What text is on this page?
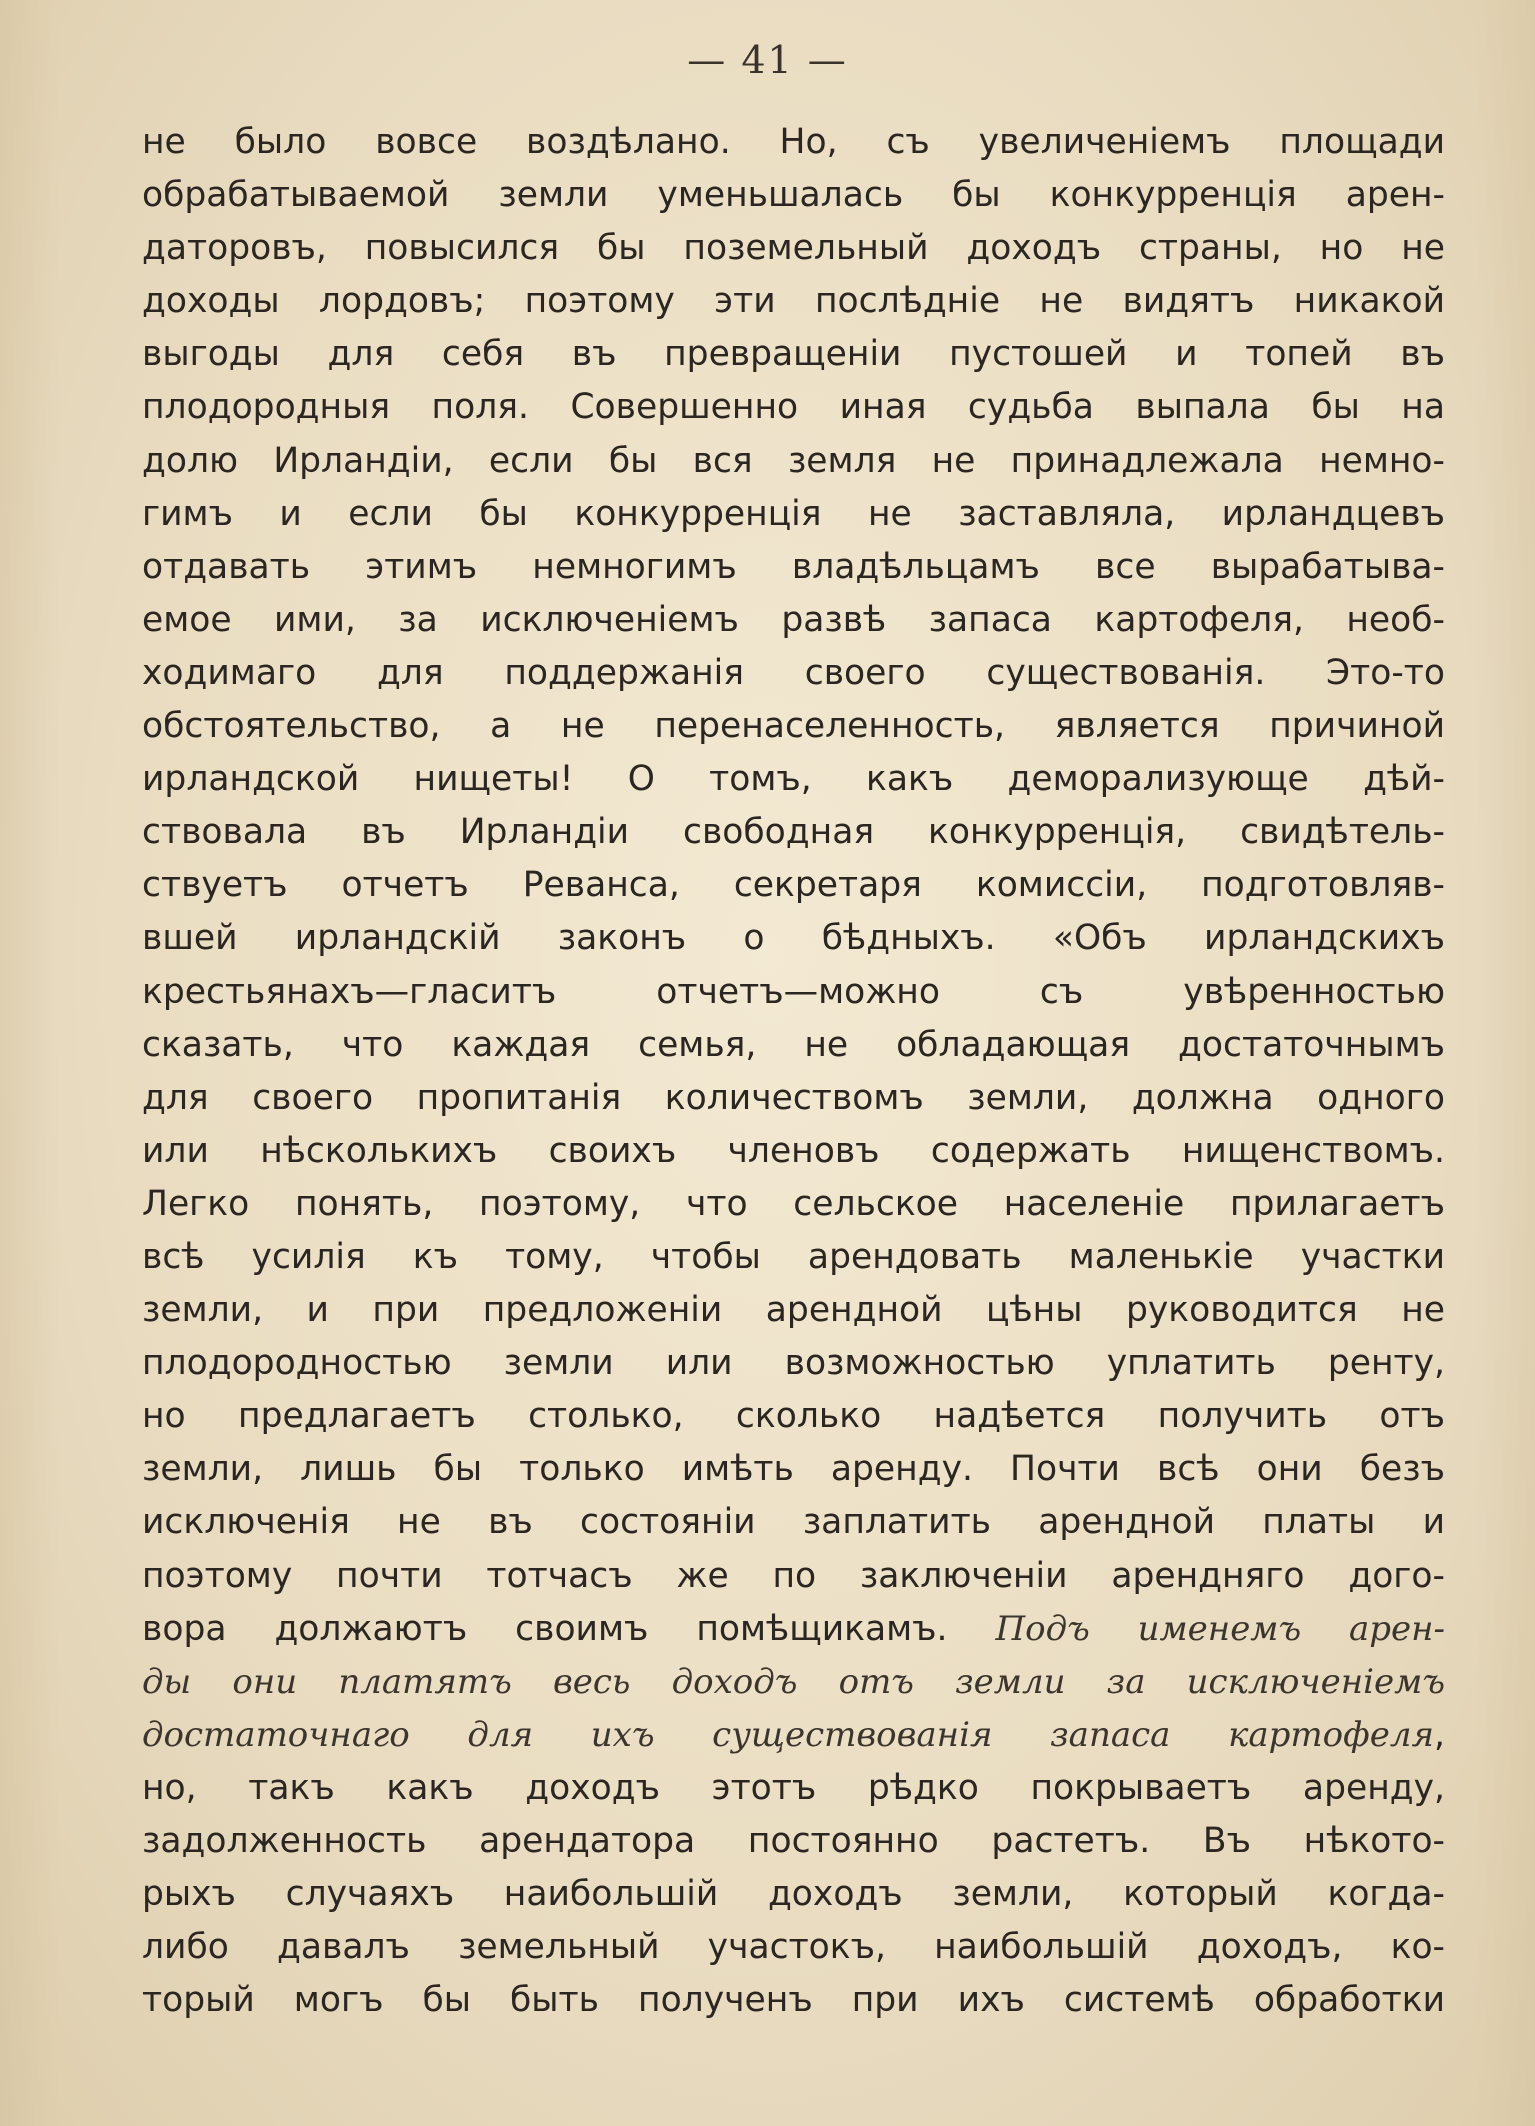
— 41 —
не было вовсе воздѣлано. Но, съ увеличенiемъ площади
обрабатываемой земли уменьшалась бы конкурренцiя арен-
даторовъ, повысился бы поземельный доходъ страны, но не
доходы лордовъ; поэтому эти послѣднiе не видятъ никакой
выгоды для себя въ превращенiи пустошей и топей въ
плодородныя поля. Совершенно иная судьба выпала бы на
долю Ирландiи, если бы вся земля не принадлежала немно-
гимъ и если бы конкурренцiя не заставляла, ирландцевъ
отдавать этимъ немногимъ владѣльцамъ все вырабатыва-
емое ими, за исключенiемъ развѣ запаса картофеля, необ-
ходимаго для поддержанiя своего существованiя. Это-то
обстоятельство, а не перенаселенность, является причиной
ирландской нищеты! О томъ, какъ деморализующе дѣй-
ствовала въ Ирландiи свободная конкурренцiя, свидѣтель-
ствуетъ отчетъ Реванса, секретаря комиссiи, подготовляв-
вшей ирландскiй законъ о бѣдныхъ. «Объ ирландскихъ
крестьянахъ—гласитъ отчетъ—можно съ увѣренностью
сказать, что каждая семья, не обладающая достаточнымъ
для своего пропитанiя количествомъ земли, должна одного
или нѣсколькихъ своихъ членовъ содержать нищенствомъ.
Легко понять, поэтому, что сельское населенiе прилагаетъ
всѣ усилiя къ тому, чтобы арендовать маленькiе участки
земли, и при предложенiи арендной цѣны руководится не
плодородностью земли или возможностью уплатить ренту,
но предлагаетъ столько, сколько надѣется получить отъ
земли, лишь бы только имѣть аренду. Почти всѣ они безъ
исключенiя не въ состоянiи заплатить арендной платы и
поэтому почти тотчасъ же по заключенiи арендняго дого-
вора должаютъ своимъ помѣщикамъ. Подъ именемъ арен-
ды они платятъ весь доходъ отъ земли за исключенiемъ
достаточнаго для ихъ существованiя запаса картофеля,
но, такъ какъ доходъ этотъ рѣдко покрываетъ аренду,
задолженность арендатора постоянно растетъ. Въ нѣкото-
рыхъ случаяхъ наибольшiй доходъ земли, который когда-
либо давалъ земельный участокъ, наибольшiй доходъ, ко-
торый могъ бы быть полученъ при ихъ системѣ обработки
